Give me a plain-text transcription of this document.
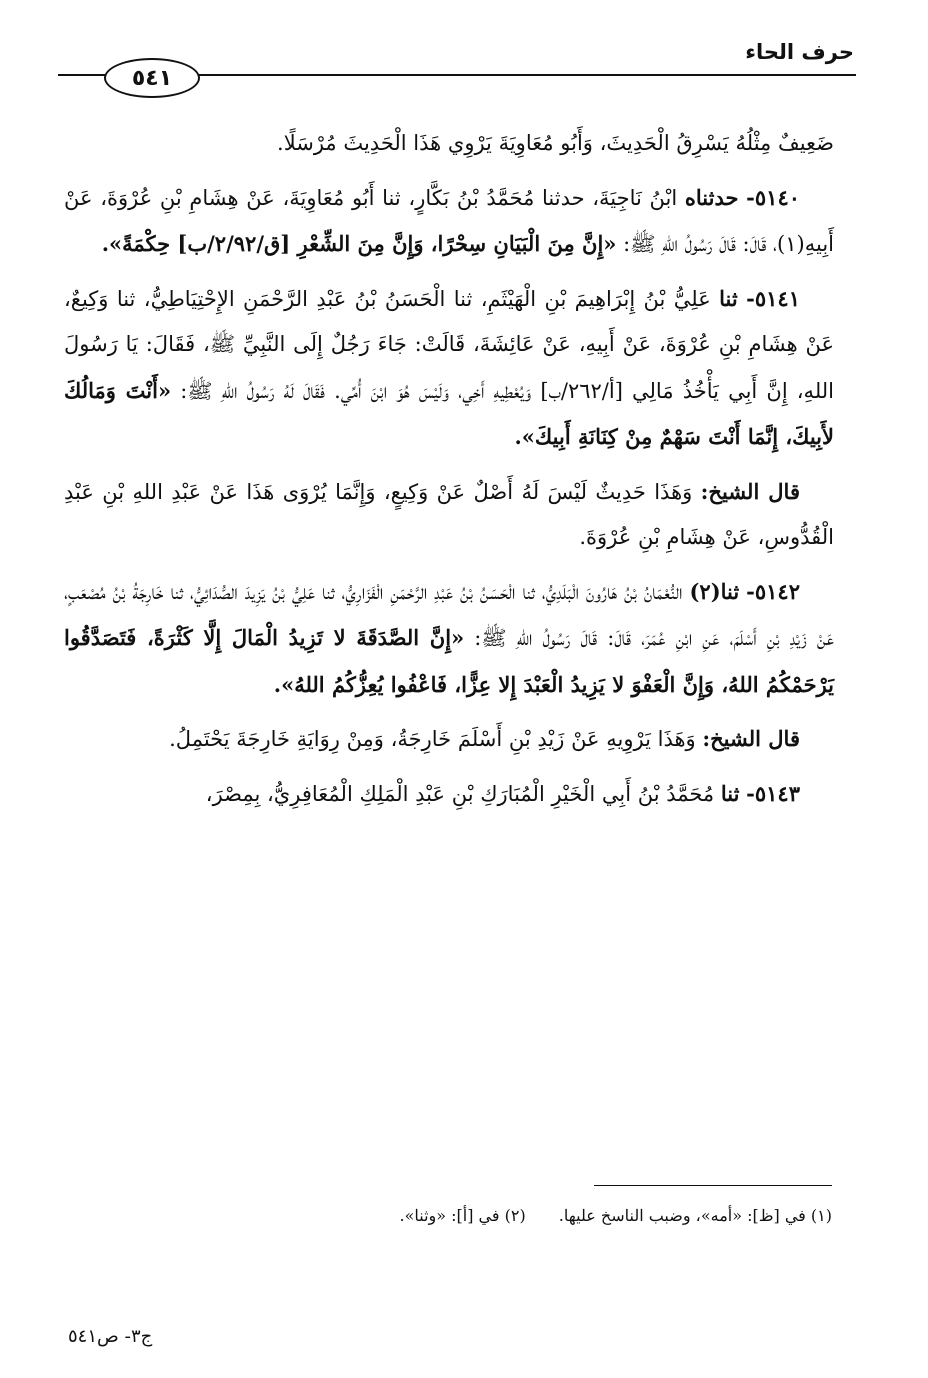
حرف الحاء
٥٤١

ضَعِيفٌ مِثْلُهُ يَسْرِقُ الْحَدِيثَ، وَأَبُو مُعَاوِيَةَ يَرْوِي هَذَا الْحَدِيثَ مُرْسَلًا.

٥١٤٠- حدثناه ابْنُ نَاجِيَةَ، حدثنا مُحَمَّدُ بْنُ بَكَّارٍ، ثنا أَبُو مُعَاوِيَةَ، عَنْ هِشَامِ بْنِ عُرْوَةَ، عَنْ أَبِيهِ(١)، قَالَ: قَالَ رَسُولُ اللهِ ﷺ: «إِنَّ مِنَ الْبَيَانِ سِحْرًا، وَإِنَّ مِنَ الشِّعْرِ [ق/٢/٩٢/ب] حِكْمَةً».

٥١٤١- ثنا عَلِيُّ بْنُ إِبْرَاهِيمَ بْنِ الْهَيْثَمِ، ثنا الْحَسَنُ بْنُ عَبْدِ الرَّحْمَنِ الإِحْتِيَاطِيُّ، ثنا وَكِيعٌ، عَنْ هِشَامِ بْنِ عُرْوَةَ، عَنْ أَبِيهِ، عَنْ عَائِشَةَ، قَالَتْ: جَاءَ رَجُلٌ إِلَى النَّبِيِّ ﷺ، فَقَالَ: يَا رَسُولَ اللهِ، إِنَّ أَبِي يَأْخُذُ مَالِي [أ/٢٦٢/ب] وَيُعْطِيهِ أَخِي، وَلَيْسَ هُوَ ابْنَ أُمِّي. فَقَالَ لَهُ رَسُولُ اللهِ ﷺ: «أَنْتَ وَمَالُكَ لأَبِيكَ، إِنَّمَا أَنْتَ سَهْمٌ مِنْ كِنَانَةِ أَبِيكَ».

قال الشيخ: وَهَذَا حَدِيثٌ لَيْسَ لَهُ أَصْلٌ عَنْ وَكِيعٍ، وَإِنَّمَا يُرْوَى هَذَا عَنْ عَبْدِ اللهِ بْنِ عَبْدِ الْقُدُّوسِ، عَنْ هِشَامِ بْنِ عُرْوَةَ.

٥١٤٢- ثنا(٢) النُّعْمَانُ بْنُ هَارُونَ الْبَلَدِيُّ، ثنا الْحَسَنُ بْنُ عَبْدِ الرَّحْمَنِ الْفَزَارِيُّ، ثنا عَلِيُّ بْنُ يَزِيدَ الصُّدَائِيُّ، ثنا خَارِجَةُ بْنُ مُصْعَبٍ، عَنْ زَيْدِ بْنِ أَسْلَمَ، عَنِ ابْنِ عُمَرَ، قَالَ: قَالَ رَسُولُ اللهِ ﷺ: «إِنَّ الصَّدَقَةَ لا تَزِيدُ الْمَالَ إِلَّا كَثْرَةً، فَتَصَدَّقُوا يَرْحَمْكُمُ اللهُ، وَإِنَّ الْعَفْوَ لا يَزِيدُ الْعَبْدَ إِلا عِزًّا، فَاعْفُوا يُعِزُّكُمُ اللهُ».

قال الشيخ: وَهَذَا يَرْوِيهِ عَنْ زَيْدِ بْنِ أَسْلَمَ خَارِجَةُ، وَمِنْ رِوَايَةِ خَارِجَةَ يَحْتَمِلُ.

٥١٤٣- ثنا مُحَمَّدُ بْنُ أَبِي الْخَيْرِ الْمُبَارَكِ بْنِ عَبْدِ الْمَلِكِ الْمُعَافِرِيُّ، بِمِصْرَ،

(١) في [ظ]: «أمه»، وضبب الناسخ عليها. (٢) في [أ]: «وثنا».
ج٣- ص٥٤١
